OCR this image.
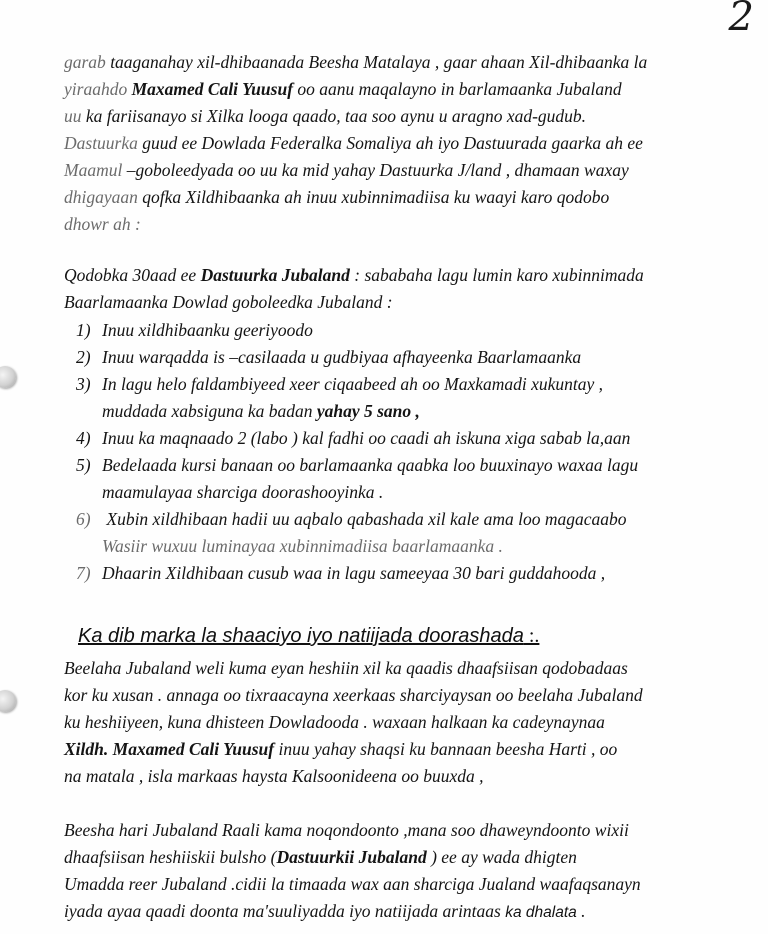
2
garab taaganahay xil-dhibaanada Beesha Matalaya , gaar ahaan Xil-dhibaanka la
yiraahdo Maxamed Cali Yuusuf oo aanu maqalayno in barlamaanka Jubaland
uu ka fariisanayo si Xilka looga qaado, taa soo aynu u aragno xad-gudub.
Dastuurka guud ee Dowlada Federalka Somaliya ah iyo Dastuurada gaarka ah ee
Maamul –goboleedyada oo uu ka mid yahay Dastuurka J/land , dhamaan waxay
dhigayaan qofka Xildhibaanka ah inuu xubinnimadiisa ku waayi karo qodobo
dhowr ah :
Qodobka 30aad ee Dastuurka Jubaland : sababaha lagu lumin karo xubinnimada
Baarlamaanka Dowlad goboleedka Jubaland :
1) Inuu xildhibaanku geeriyoodo
2) Inuu warqadda is –casilaada u gudbiyaa afhayeenka Baarlamaanka
3) In lagu helo faldambiyeed xeer ciqaabeed ah oo Maxkamadi xukuntay ,
muddada xabsiguna ka badan yahay 5 sano ,
4) Inuu ka maqnaado 2 (labo ) kal fadhi oo caadi ah iskuna xiga sabab la,aan
5) Bedelaada kursi banaan oo barlamaanka qaabka loo buuxinayo waxaa lagu
maamulayaa sharciga doorashooyinka .
6) Xubin xildhibaan hadii uu aqbalo qabashada xil kale ama loo magacaabo
Wasiir wuxuu luminayaa xubinnimadiisa baarlamaanka .
7) Dhaarin Xildhibaan cusub waa in lagu sameeyaa 30 bari guddahooda ,
Ka dib marka la shaaciyo iyo natiijada doorashada :.
Beelaha Jubaland weli kuma eyan heshiin xil ka qaadis dhaafsiisan qodobadaas
kor ku xusan . annaga oo tixraacayna xeerkaas sharciyaysan oo beelaha Jubaland
ku heshiiyeen, kuna dhisteen Dowladooda . waxaan halkaan ka cadeynaynaa
Xildh. Maxamed Cali Yuusuf inuu yahay shaqsi ku bannaan beesha Harti , oo
na matala , isla markaas haysta Kalsoonideena oo buuxda ,
Beesha hari Jubaland Raali kama noqondoonto ,mana soo dhaweyndoonto wixii
dhaafsiisan heshiiskii bulsho (Dastuurkii Jubaland ) ee ay wada dhigten
Umadda reer Jubaland .cidii la timaada wax aan sharciga Jualand waafaqsanayn
iyada ayaa qaadi doonta ma'suuliyadda iyo natiijada arintaas ka dhalata .
